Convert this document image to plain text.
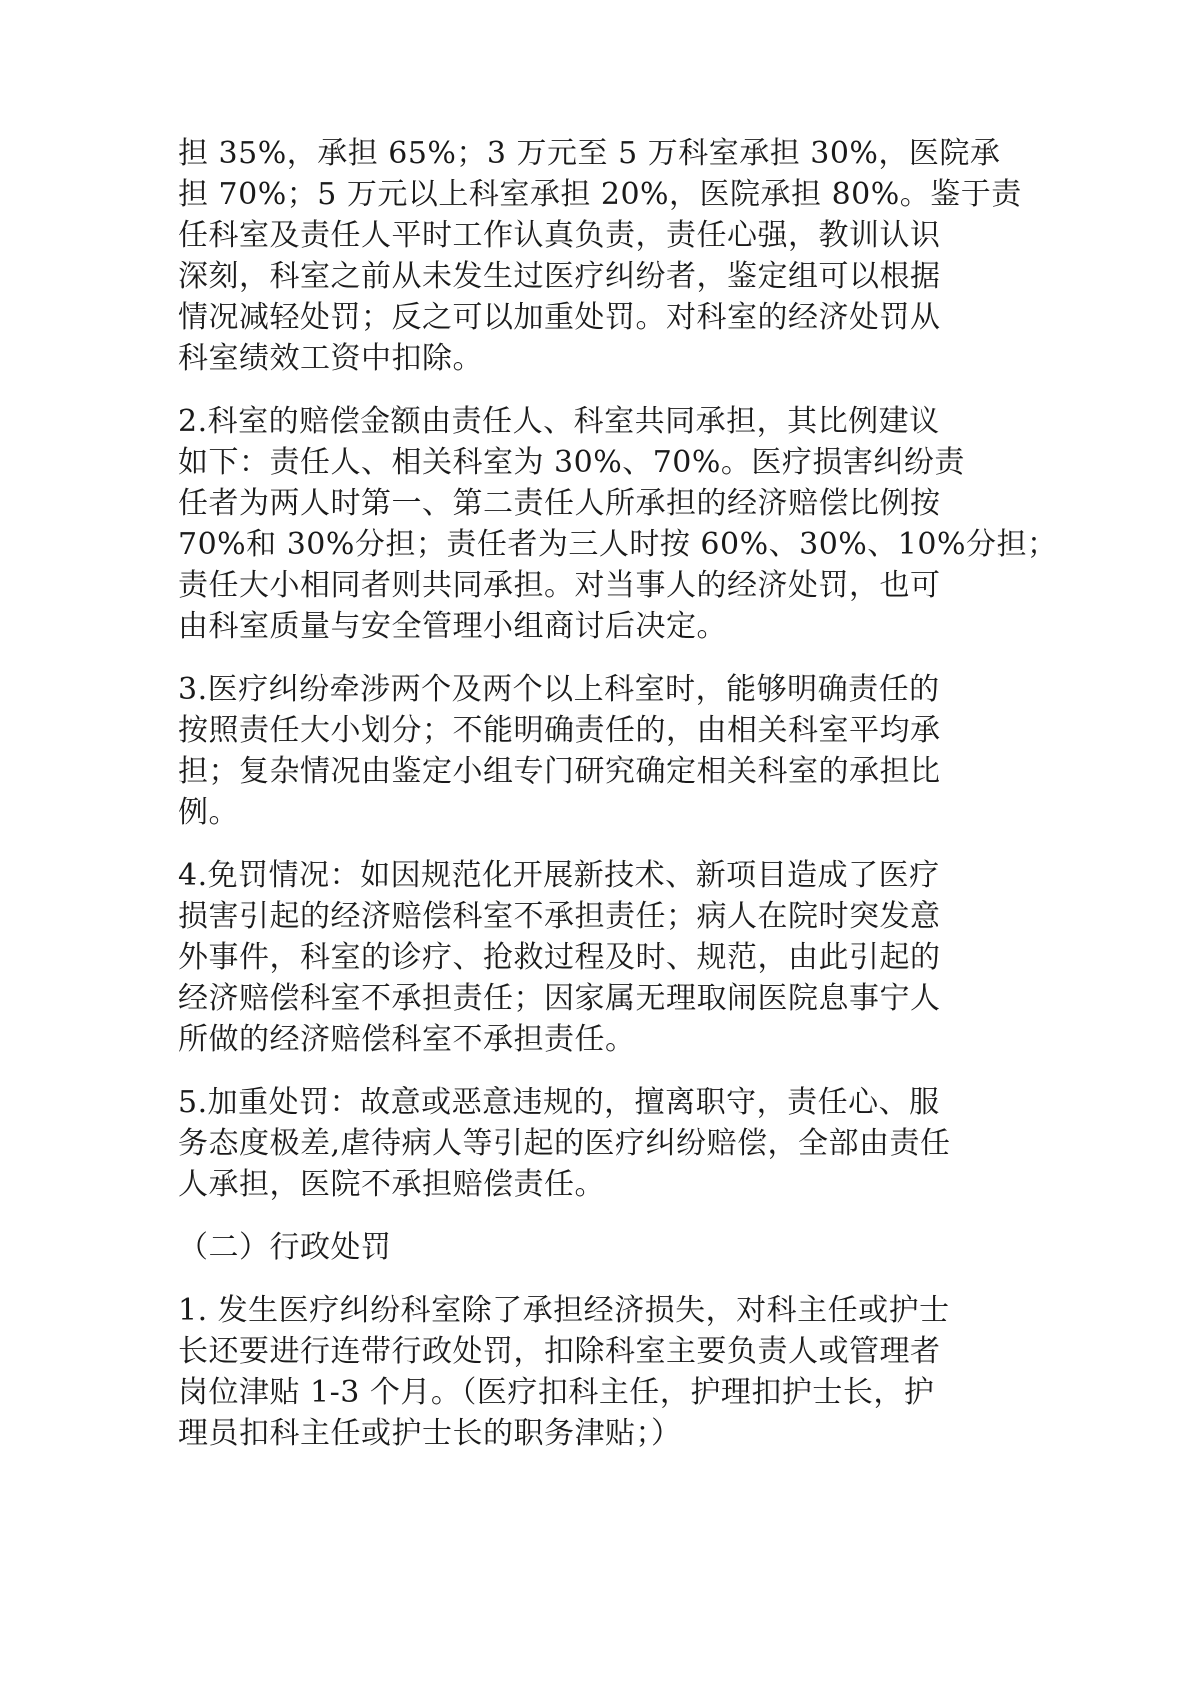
担 35%，承担 65%；3 万元至 5 万科室承担 30%，医院承
担 70%；5 万元以上科室承担 20%，医院承担 80%。鉴于责
任科室及责任人平时工作认真负责，责任心强，教训认识
深刻，科室之前从未发生过医疗纠纷者，鉴定组可以根据
情况减轻处罚；反之可以加重处罚。对科室的经济处罚从
科室绩效工资中扣除。
2.科室的赔偿金额由责任人、科室共同承担，其比例建议
如下：责任人、相关科室为 30%、70%。医疗损害纠纷责
任者为两人时第一、第二责任人所承担的经济赔偿比例按
70%和 30%分担；责任者为三人时按 60%、30%、10%分担；
责任大小相同者则共同承担。对当事人的经济处罚，也可
由科室质量与安全管理小组商讨后决定。
3.医疗纠纷牵涉两个及两个以上科室时，能够明确责任的
按照责任大小划分；不能明确责任的，由相关科室平均承
担；复杂情况由鉴定小组专门研究确定相关科室的承担比
例。
4.免罚情况：如因规范化开展新技术、新项目造成了医疗
损害引起的经济赔偿科室不承担责任；病人在院时突发意
外事件，科室的诊疗、抢救过程及时、规范，由此引起的
经济赔偿科室不承担责任；因家属无理取闹医院息事宁人
所做的经济赔偿科室不承担责任。
5.加重处罚：故意或恶意违规的，擅离职守，责任心、服
务态度极差,虐待病人等引起的医疗纠纷赔偿，全部由责任
人承担，医院不承担赔偿责任。
（二）行政处罚
1. 发生医疗纠纷科室除了承担经济损失，对科主任或护士
长还要进行连带行政处罚，扣除科室主要负责人或管理者
岗位津贴 1-3 个月。（医疗扣科主任，护理扣护士长，护
理员扣科主任或护士长的职务津贴；）
